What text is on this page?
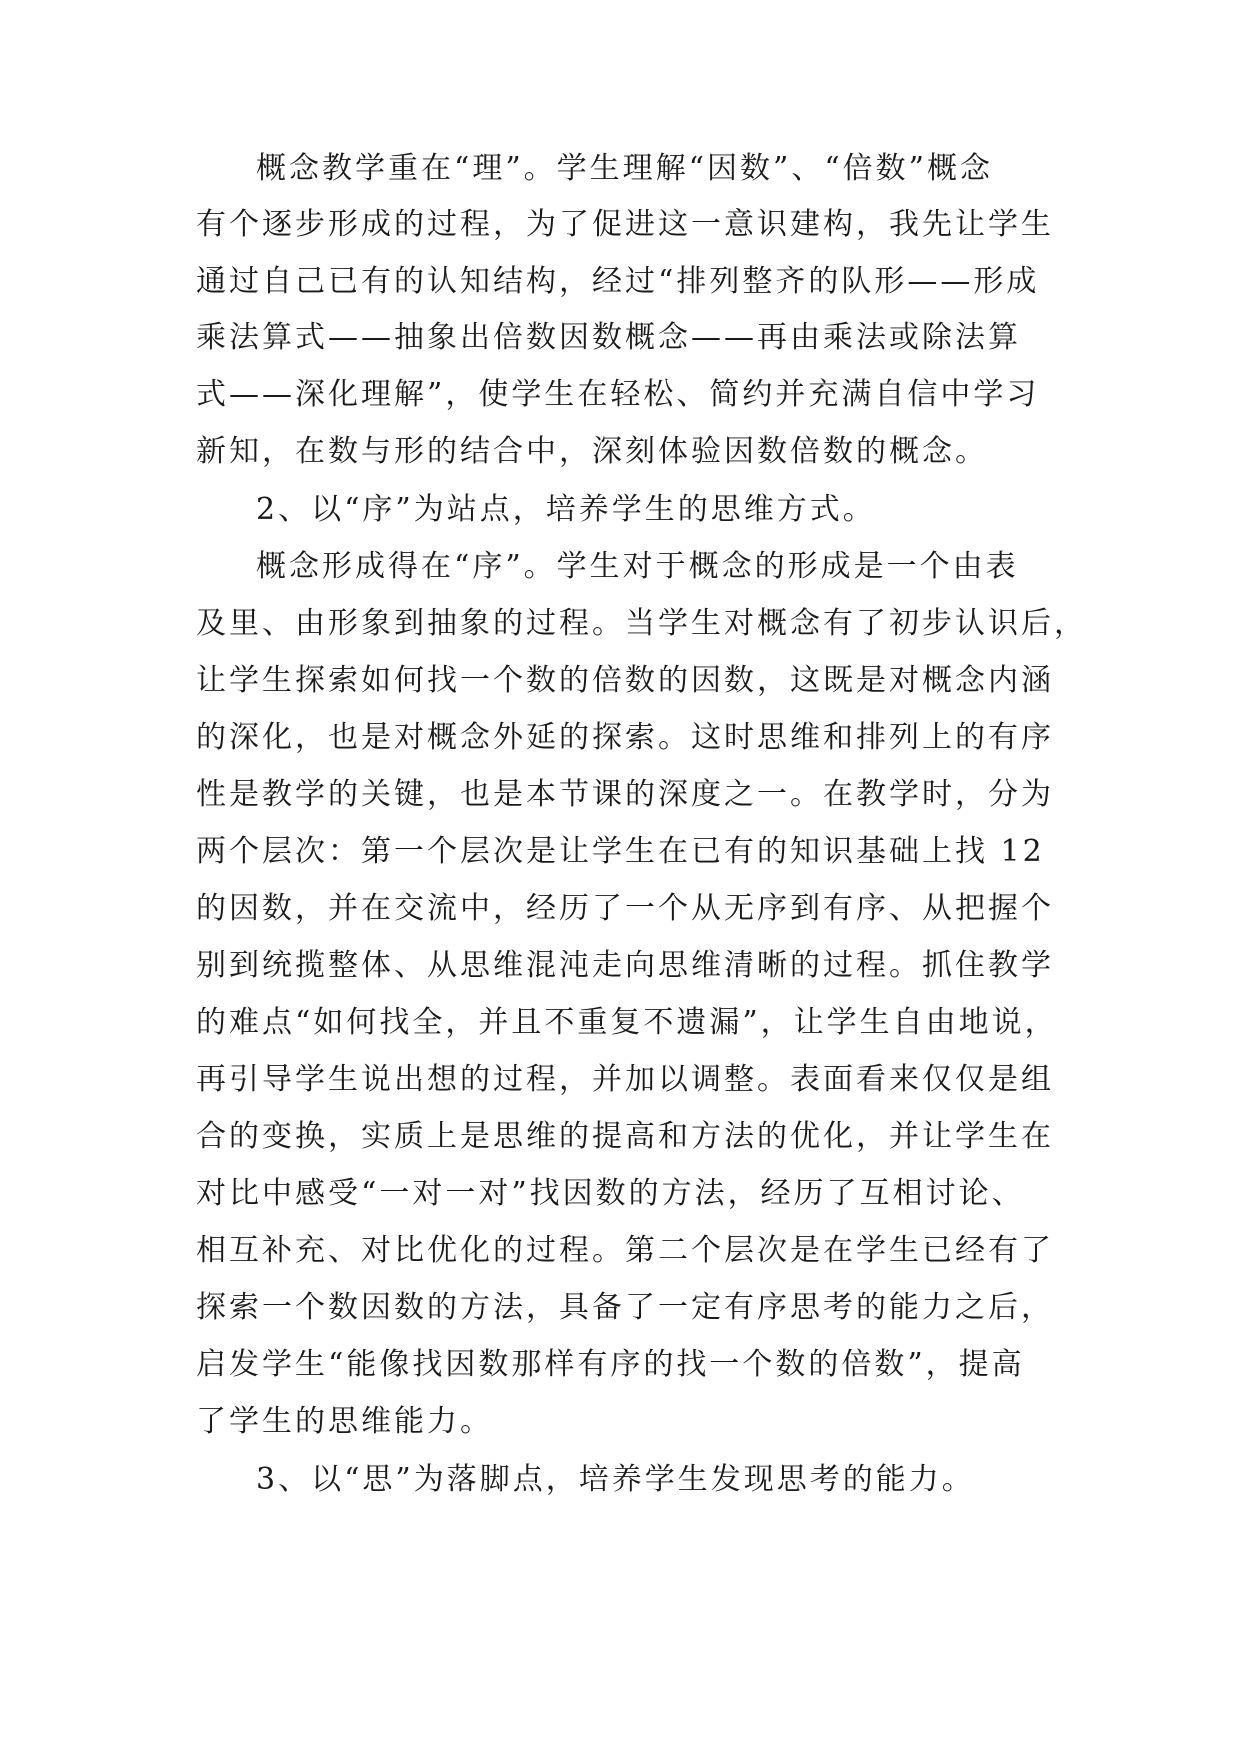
概念教学重在“理”。学生理解“因数”、“倍数”概念
有个逐步形成的过程，为了促进这一意识建构，我先让学生
通过自己已有的认知结构，经过“排列整齐的队形——形成
乘法算式——抽象出倍数因数概念——再由乘法或除法算
式——深化理解”，使学生在轻松、简约并充满自信中学习
新知，在数与形的结合中，深刻体验因数倍数的概念。
2、以“序”为站点，培养学生的思维方式。
概念形成得在“序”。学生对于概念的形成是一个由表
及里、由形象到抽象的过程。当学生对概念有了初步认识后，
让学生探索如何找一个数的倍数的因数，这既是对概念内涵
的深化，也是对概念外延的探索。这时思维和排列上的有序
性是教学的关键，也是本节课的深度之一。在教学时，分为
两个层次：第一个层次是让学生在已有的知识基础上找 12
的因数，并在交流中，经历了一个从无序到有序、从把握个
别到统揽整体、从思维混沌走向思维清晰的过程。抓住教学
的难点“如何找全，并且不重复不遗漏”，让学生自由地说，
再引导学生说出想的过程，并加以调整。表面看来仅仅是组
合的变换，实质上是思维的提高和方法的优化，并让学生在
对比中感受“一对一对”找因数的方法，经历了互相讨论、
相互补充、对比优化的过程。第二个层次是在学生已经有了
探索一个数因数的方法，具备了一定有序思考的能力之后，
启发学生“能像找因数那样有序的找一个数的倍数”，提高
了学生的思维能力。
3、以“思”为落脚点，培养学生发现思考的能力。
